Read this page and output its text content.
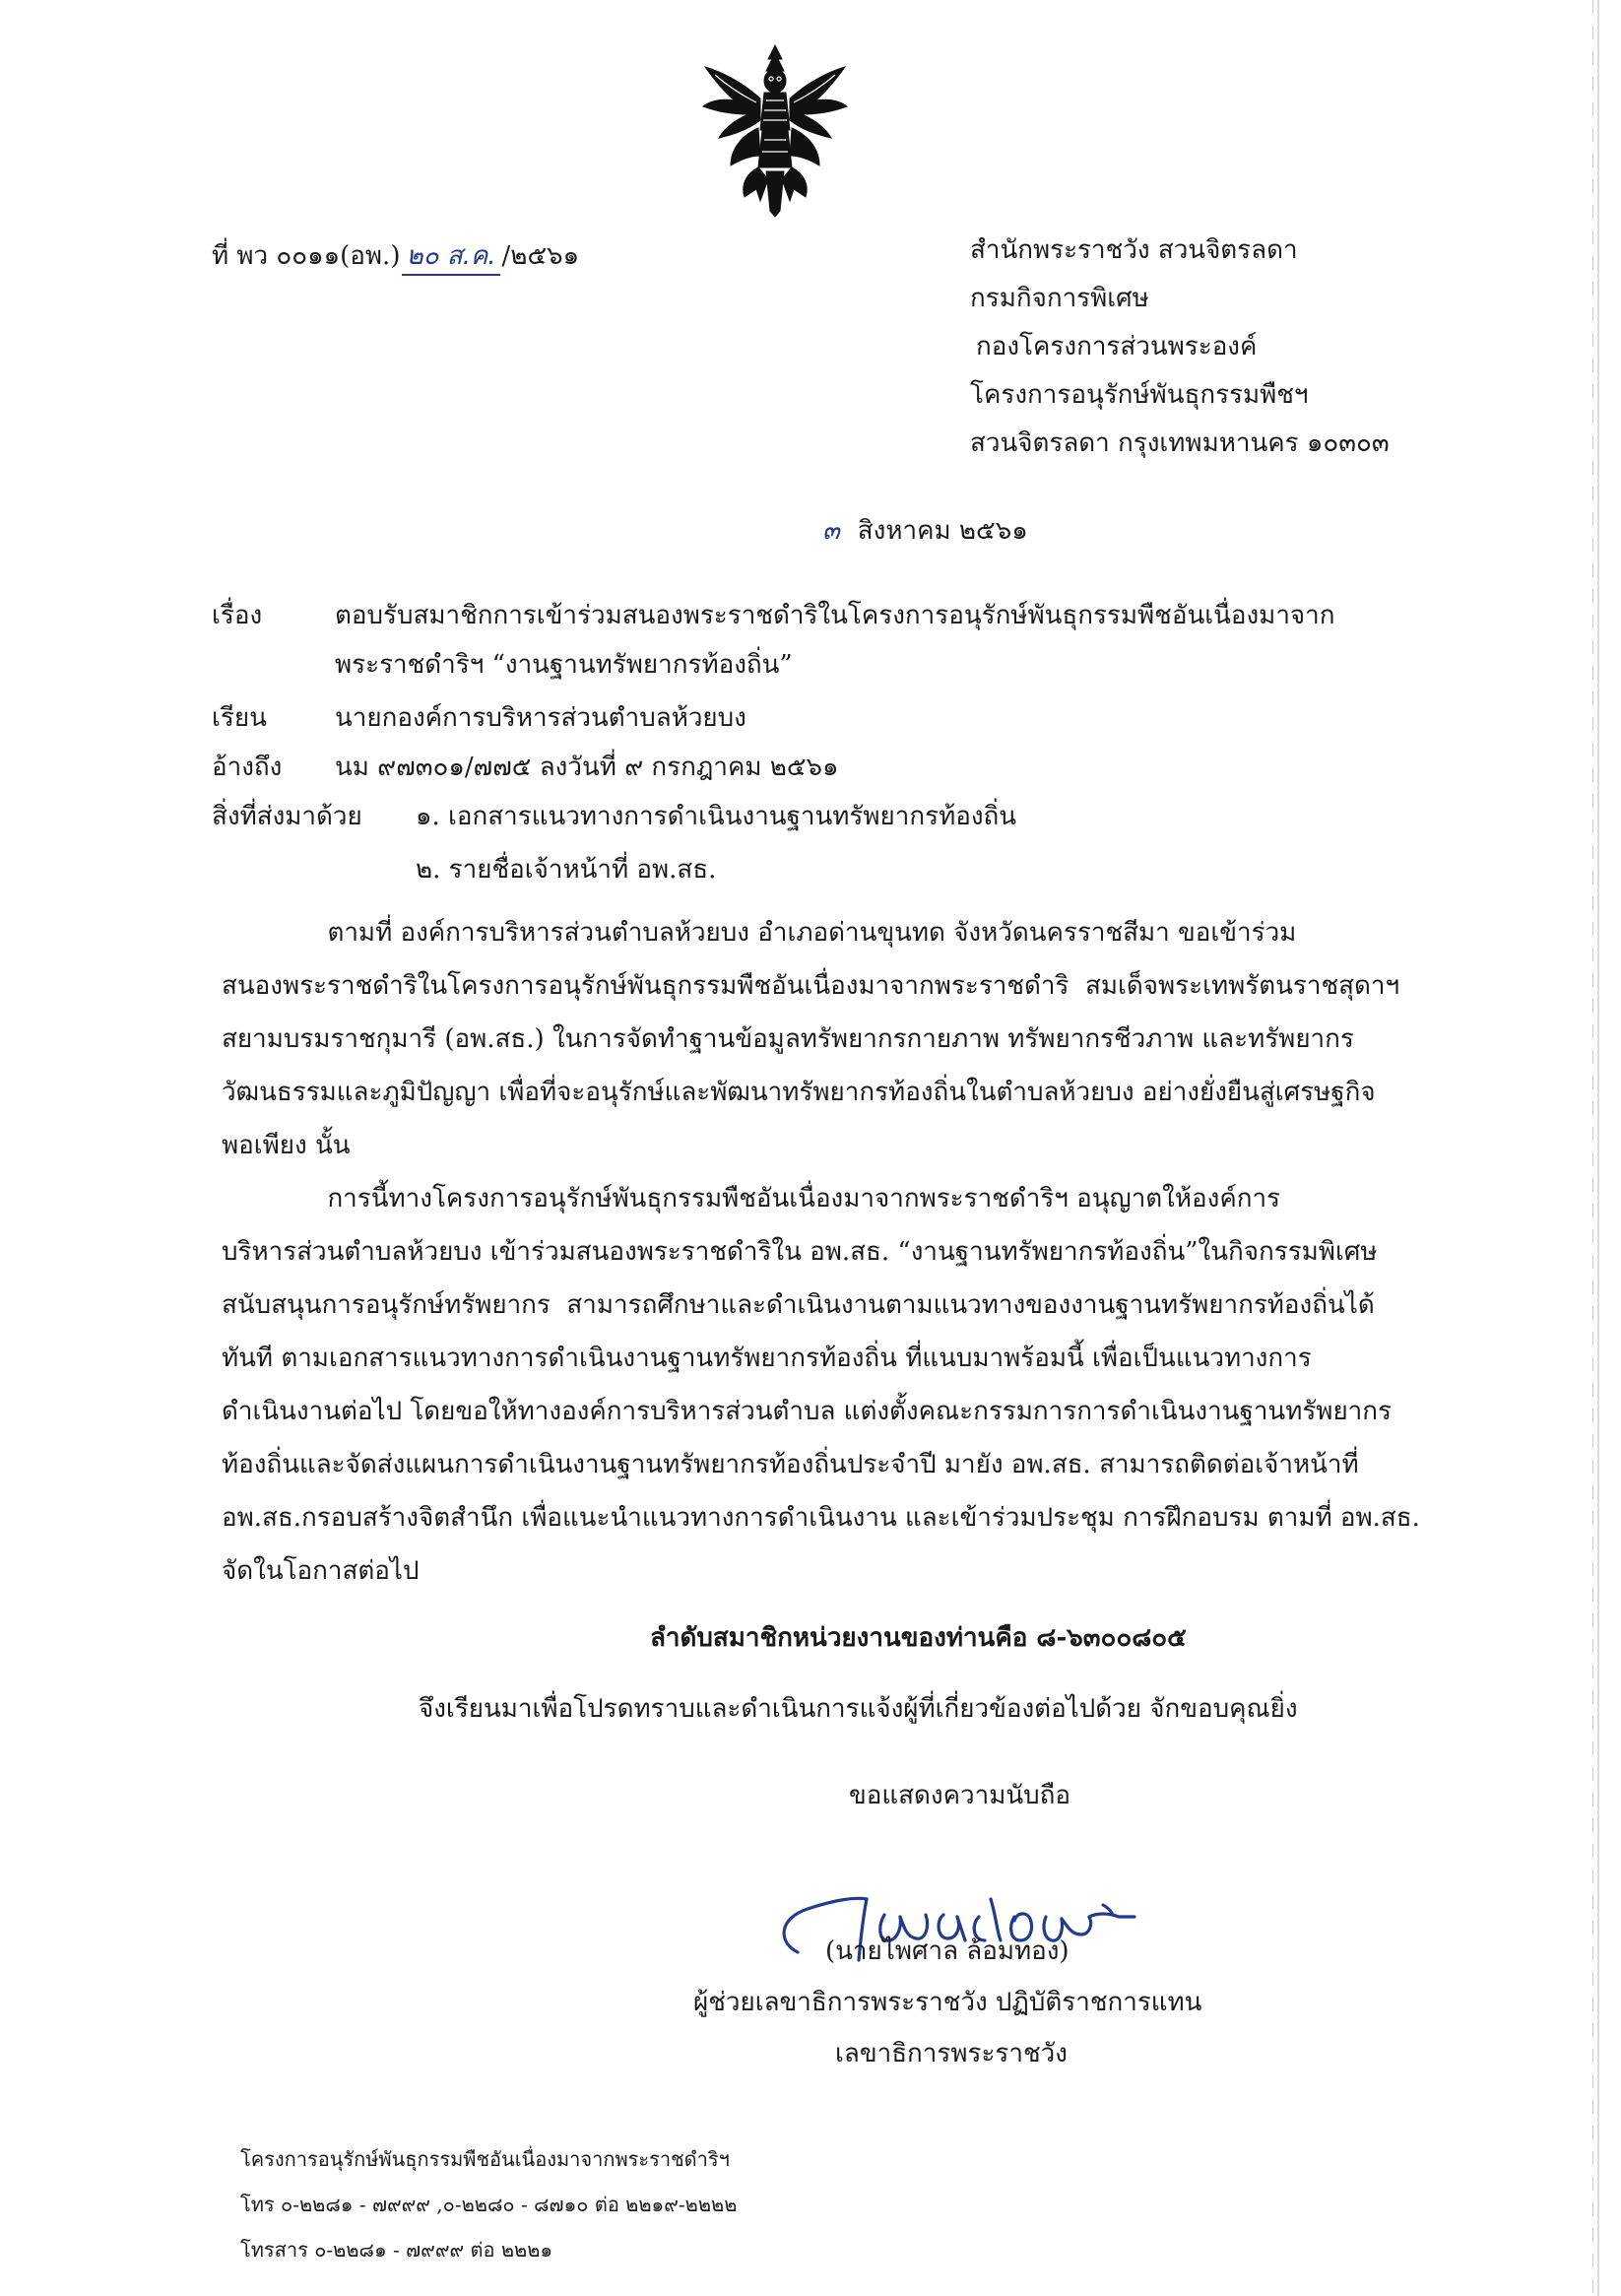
ที่ พว ๐๐๑๑(อพ.) ๒๐ ส.ค. /๒๕๖๑	สำนักพระราชวัง สวนจิตรลดา
กรมกิจการพิเศษ
กองโครงการส่วนพระองค์
โครงการอนุรักษ์พันธุกรรมพืชฯ
สวนจิตรลดา กรุงเทพมหานคร ๑๐๓๐๓
๓ สิงหาคม ๒๕๖๑
เรื่อง	ตอบรับสมาชิกการเข้าร่วมสนองพระราชดำริในโครงการอนุรักษ์พันธุกรรมพืชอันเนื่องมาจาก
พระราชดำริฯ “งานฐานทรัพยากรท้องถิ่น”
เรียน	นายกองค์การบริหารส่วนตำบลห้วยบง
อ้างถึง นม ๙๗๓๐๑/๗๗๕ ลงวันที่ ๙ กรกฎาคม ๒๕๖๑
สิ่งที่ส่งมาด้วย ๑. เอกสารแนวทางการดำเนินงานฐานทรัพยากรท้องถิ่น
๒. รายชื่อเจ้าหน้าที่ อพ.สธ.
ตามที่ องค์การบริหารส่วนตำบลห้วยบง อำเภอด่านขุนทด จังหวัดนครราชสีมา ขอเข้าร่วม
สนองพระราชดำริในโครงการอนุรักษ์พันธุกรรมพืชอันเนื่องมาจากพระราชดำริ  สมเด็จพระเทพรัตนราชสุดาฯ
สยามบรมราชกุมารี (อพ.สธ.) ในการจัดทำฐานข้อมูลทรัพยากรกายภาพ ทรัพยากรชีวภาพ และทรัพยากร
วัฒนธรรมและภูมิปัญญา เพื่อที่จะอนุรักษ์และพัฒนาทรัพยากรท้องถิ่นในตำบลห้วยบง อย่างยั่งยืนสู่เศรษฐกิจ
พอเพียง นั้น
การนี้ทางโครงการอนุรักษ์พันธุกรรมพืชอันเนื่องมาจากพระราชดำริฯ อนุญาตให้องค์การ
บริหารส่วนตำบลห้วยบง เข้าร่วมสนองพระราชดำริใน อพ.สธ. “งานฐานทรัพยากรท้องถิ่น”ในกิจกรรมพิเศษ
สนับสนุนการอนุรักษ์ทรัพยากร  สามารถศึกษาและดำเนินงานตามแนวทางของงานฐานทรัพยากรท้องถิ่นได้
ทันที ตามเอกสารแนวทางการดำเนินงานฐานทรัพยากรท้องถิ่น ที่แนบมาพร้อมนี้ เพื่อเป็นแนวทางการ
ดำเนินงานต่อไป โดยขอให้ทางองค์การบริหารส่วนตำบล แต่งตั้งคณะกรรมการการดำเนินงานฐานทรัพยากร
ท้องถิ่นและจัดส่งแผนการดำเนินงานฐานทรัพยากรท้องถิ่นประจำปี มายัง อพ.สธ. สามารถติดต่อเจ้าหน้าที่
อพ.สธ.กรอบสร้างจิตสำนึก เพื่อแนะนำแนวทางการดำเนินงาน และเข้าร่วมประชุม การฝึกอบรม ตามที่ อพ.สธ.
จัดในโอกาสต่อไป
ลำดับสมาชิกหน่วยงานของท่านคือ ๘-๖๓๐๐๘๐๕
จึงเรียนมาเพื่อโปรดทราบและดำเนินการแจ้งผู้ที่เกี่ยวข้องต่อไปด้วย จักขอบคุณยิ่ง
ขอแสดงความนับถือ
(นายไพศาล ล้อมทอง)
ผู้ช่วยเลขาธิการพระราชวัง ปฏิบัติราชการแทน
เลขาธิการพระราชวัง
โครงการอนุรักษ์พันธุกรรมพืชอันเนื่องมาจากพระราชดำริฯ
โทร ๐-๒๒๘๑ - ๗๙๙๙ ,๐-๒๒๘๐ - ๘๗๑๐ ต่อ ๒๒๑๙-๒๒๒๒
โทรสาร ๐-๒๒๘๑ - ๗๙๙๙ ต่อ ๒๒๒๑
